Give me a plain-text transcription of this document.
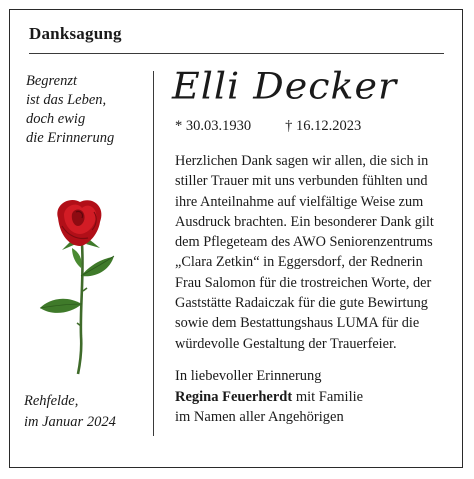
Danksagung
Begrenzt
ist das Leben,
doch ewig
die Erinnerung
Rehfelde,
im Januar 2024
Elli Decker
* 30.03.1930 † 16.12.2023
Herzlichen Dank sagen wir allen, die sich in
stiller Trauer mit uns verbunden fühlten und
ihre Anteilnahme auf vielfältige Weise zum
Ausdruck brachten. Ein besonderer Dank gilt
dem Pflegeteam des AWO Seniorenzentrums
„Clara Zetkin“ in Eggersdorf, der Rednerin
Frau Salomon für die trostreichen Worte, der
Gaststätte Radaiczak für die gute Bewirtung
sowie dem Bestattungshaus LUMA für die
würdevolle Gestaltung der Trauerfeier.
In liebevoller Erinnerung
Regina Feuerherdt mit Familie
im Namen aller Angehörigen
